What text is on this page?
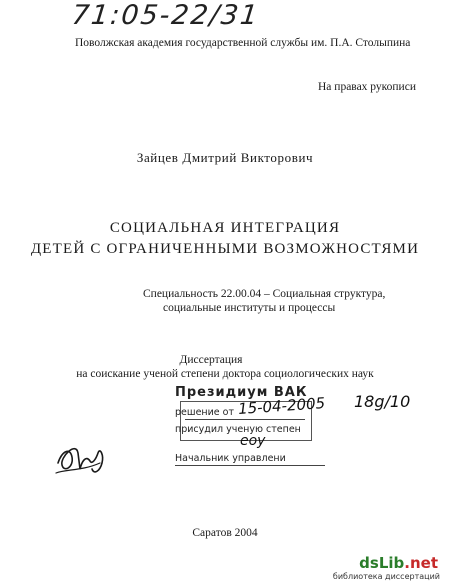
71:05-22/31
Поволжская академия государственной службы им. П.А. Столыпина
На правах рукописи
Зайцев Дмитрий Викторович
СОЦИАЛЬНАЯ ИНТЕГРАЦИЯ
ДЕТЕЙ С ОГРАНИЧЕННЫМИ ВОЗМОЖНОСТЯМИ
Специальность 22.00.04 – Социальная структура,
социальные институты и процессы
Диссертация
на соискание ученой степени доктора социологических наук
Президиум ВАК
решение от
присудил ученую степен
Начальник управлени
15-04-2005 18g/10
eoy
Саратов 2004
dsLib.net
библиотека диссертаций
